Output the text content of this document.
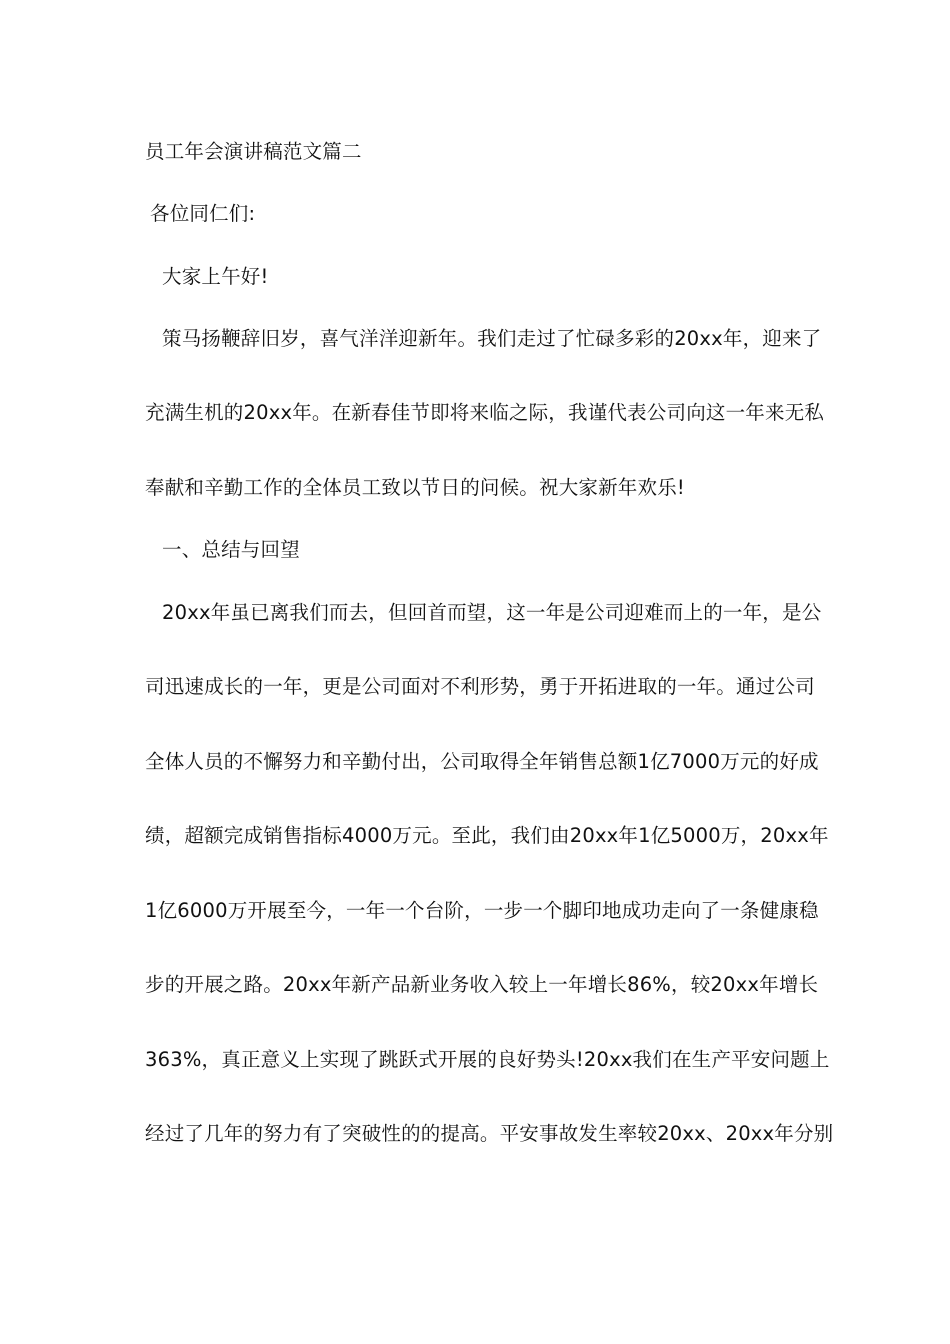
员工年会演讲稿范文篇二
各位同仁们:
大家上午好!
策马扬鞭辞旧岁，喜气洋洋迎新年。我们走过了忙碌多彩的20xx年，迎来了
充满生机的20xx年。在新春佳节即将来临之际，我谨代表公司向这一年来无私
奉献和辛勤工作的全体员工致以节日的问候。祝大家新年欢乐!
一、总结与回望
20xx年虽已离我们而去，但回首而望，这一年是公司迎难而上的一年，是公
司迅速成长的一年，更是公司面对不利形势，勇于开拓进取的一年。通过公司
全体人员的不懈努力和辛勤付出，公司取得全年销售总额1亿7000万元的好成
绩，超额完成销售指标4000万元。至此，我们由20xx年1亿5000万，20xx年
1亿6000万开展至今，一年一个台阶，一步一个脚印地成功走向了一条健康稳
步的开展之路。20xx年新产品新业务收入较上一年增长86%，较20xx年增长
363%，真正意义上实现了跳跃式开展的良好势头!20xx我们在生产平安问题上
经过了几年的努力有了突破性的的提高。平安事故发生率较20xx、20xx年分别
